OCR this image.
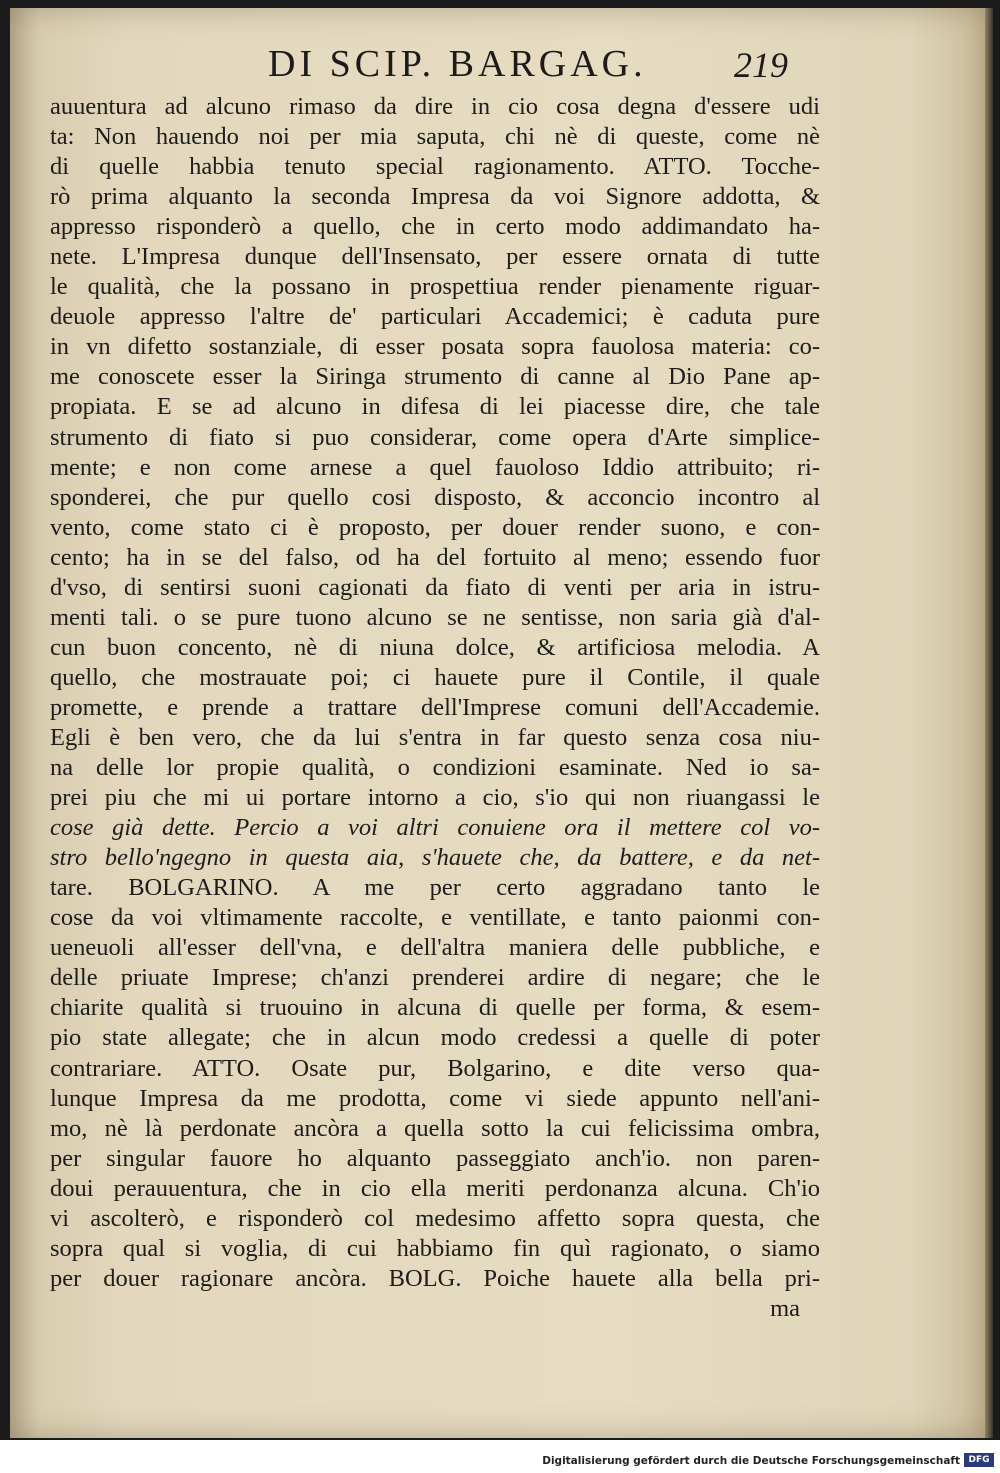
DI SCIP. BARGAG. 219
auuentura ad alcuno rimaso da dire in cio cosa degna d'essere udi
ta: Non hauendo noi per mia saputa, chi nè di queste, come nè
di quelle habbia tenuto special ragionamento. ATTO. Tocche-
rò prima alquanto la seconda Impresa da voi Signore addotta, &
appresso risponderò a quello, che in certo modo addimandato ha-
nete. L'Impresa dunque dell'Insensato, per essere ornata di tutte
le qualità, che la possano in prospettiua render pienamente riguar-
deuole appresso l'altre de' particulari Accademici; è caduta pure
in vn difetto sostanziale, di esser posata sopra fauolosa materia: co-
me conoscete esser la Siringa strumento di canne al Dio Pane ap-
propiata. E se ad alcuno in difesa di lei piacesse dire, che tale
strumento di fiato si puo considerar, come opera d'Arte simplice-
mente; e non come arnese a quel fauoloso Iddio attribuito; ri-
sponderei, che pur quello cosi disposto, & acconcio incontro al
vento, come stato ci è proposto, per douer render suono, e con-
cento; ha in se del falso, od ha del fortuito al meno; essendo fuor
d'vso, di sentirsi suoni cagionati da fiato di venti per aria in istru-
menti tali. o se pure tuono alcuno se ne sentisse, non saria già d'al-
cun buon concento, nè di niuna dolce, & artificiosa melodia. A
quello, che mostrauate poi; ci hauete pure il Contile, il quale
promette, e prende a trattare dell'Imprese comuni dell'Accademie.
Egli è ben vero, che da lui s'entra in far questo senza cosa niu-
na delle lor propie qualità, o condizioni esaminate. Ned io sa-
prei piu che mi ui portare intorno a cio, s'io qui non riuangassi le
cose già dette. Percio a voi altri conuiene ora il mettere col vo-
stro bello'ngegno in questa aia, s'hauete che, da battere, e da net-
tare. BOLGARINO. A me per certo aggradano tanto le
cose da voi vltimamente raccolte, e ventillate, e tanto paionmi con-
ueneuoli all'esser dell'vna, e dell'altra maniera delle pubbliche, e
delle priuate Imprese; ch'anzi prenderei ardire di negare; che le
chiarite qualità si truouino in alcuna di quelle per forma, & esem-
pio state allegate; che in alcun modo credessi a quelle di poter
contrariare. ATTO. Osate pur, Bolgarino, e dite verso qua-
lunque Impresa da me prodotta, come vi siede appunto nell'ani-
mo, nè là perdonate ancòra a quella sotto la cui felicissima ombra,
per singular fauore ho alquanto passeggiato anch'io. non paren-
doui perauuentura, che in cio ella meriti perdonanza alcuna. Ch'io
vi ascolterò, e risponderò col medesimo affetto sopra questa, che
sopra qual si voglia, di cui habbiamo fin quì ragionato, o siamo
per douer ragionare ancòra. BOLG. Poiche hauete alla bella pri-
ma
Digitalisierung gefördert durch die Deutsche Forschungsgemeinschaft DFG
